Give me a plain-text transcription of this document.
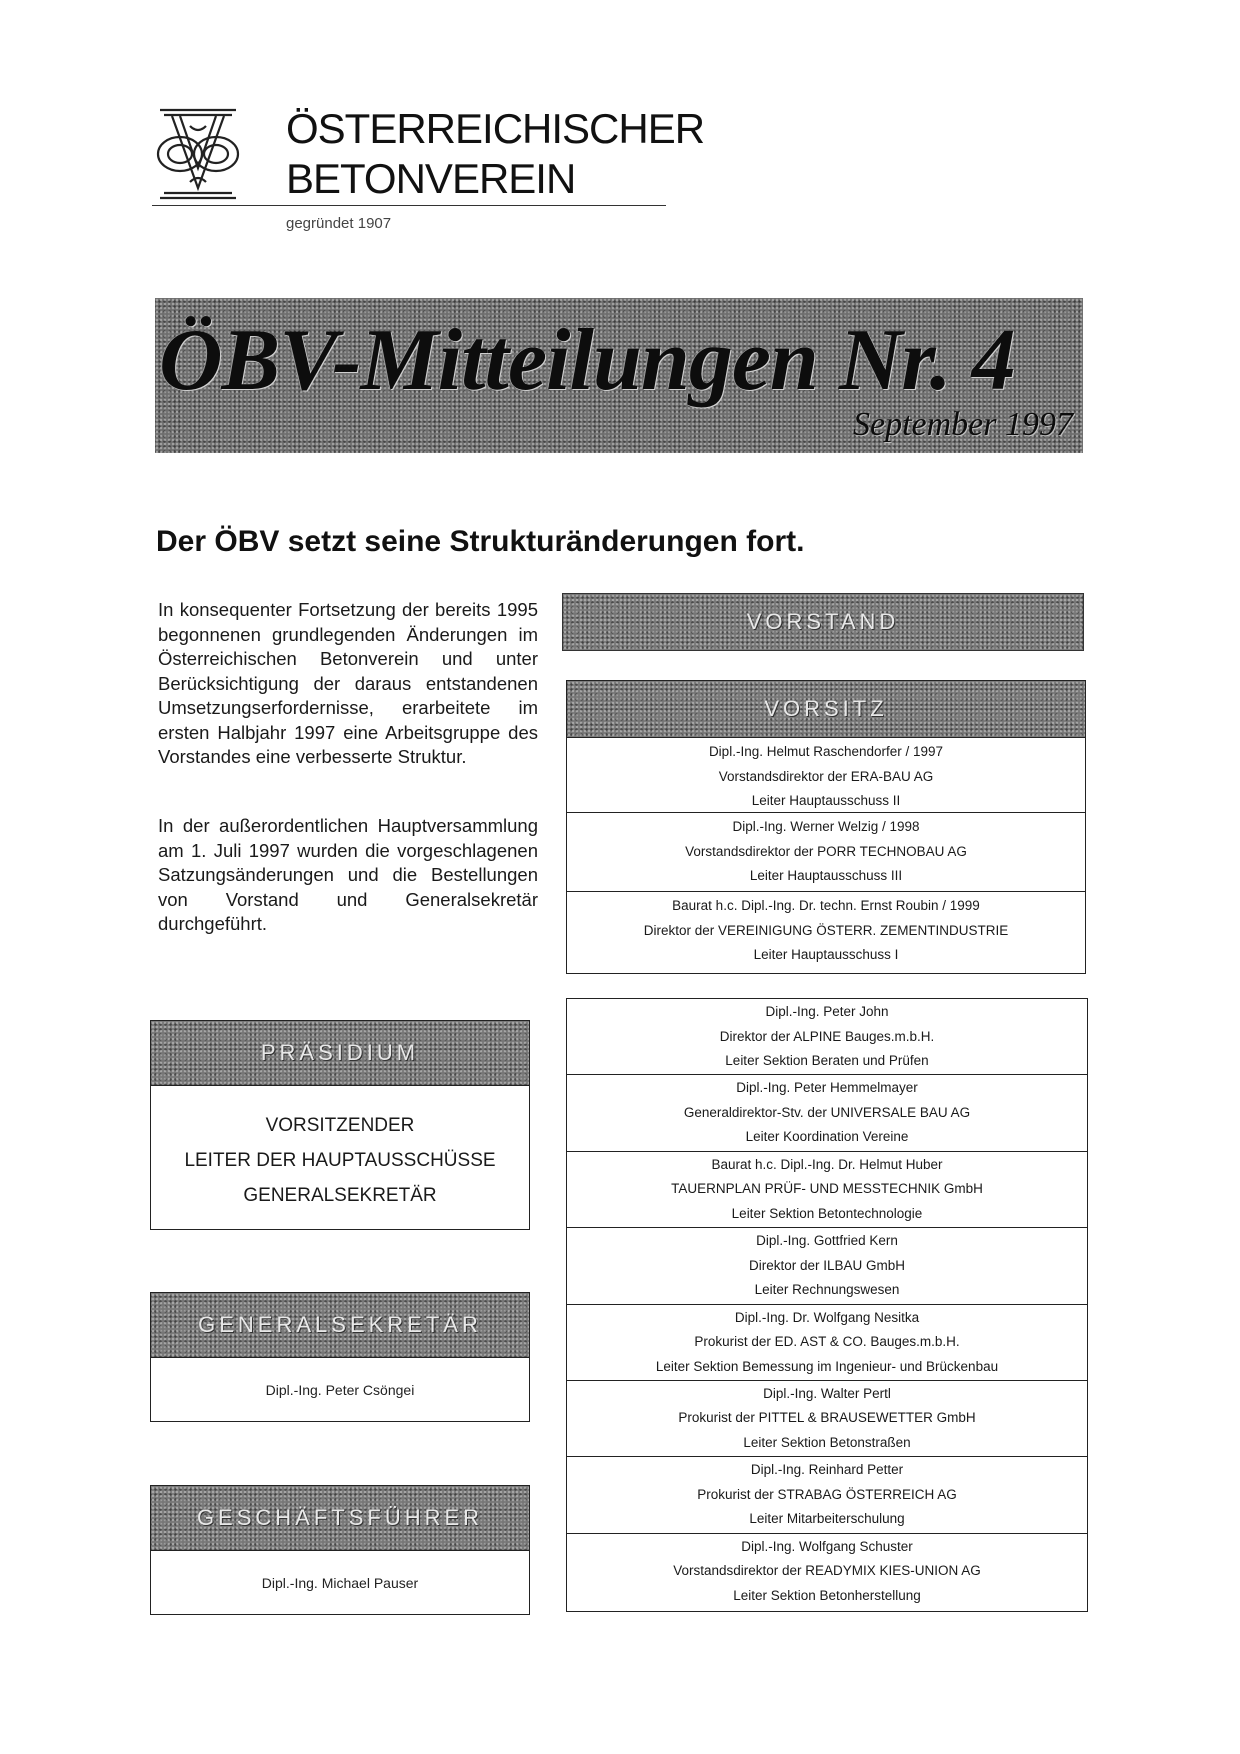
ÖSTERREICHISCHER
BETONVEREIN
gegründet 1907
ÖBV-Mitteilungen Nr. 4
September 1997
Der ÖBV setzt seine Strukturänderungen fort.
In konsequenter Fortsetzung der bereits 1995 begonnenen grundlegenden Änderungen im Österreichischen Betonverein und unter Berücksichtigung der daraus entstandenen Umsetzungserfordernisse, erarbeitete im ersten Halbjahr 1997 eine Arbeitsgruppe des Vorstandes eine verbesserte Struktur.
In der außerordentlichen Hauptversammlung am 1. Juli 1997 wurden die vorgeschlagenen Satzungsänderungen und die Bestellungen von Vorstand und Generalsekretär durchgeführt.
PRÄSIDIUM
VORSITZENDER
LEITER DER HAUPTAUSSCHÜSSE
GENERALSEKRETÄR
GENERALSEKRETÄR
Dipl.-Ing. Peter Csöngei
GESCHÄFTSFÜHRER
Dipl.-Ing. Michael Pauser
VORSTAND
VORSITZ
Dipl.-Ing. Helmut Raschendorfer / 1997
Vorstandsdirektor der ERA-BAU AG
Leiter Hauptausschuss II
Dipl.-Ing. Werner Welzig / 1998
Vorstandsdirektor der PORR TECHNOBAU AG
Leiter Hauptausschuss III
Baurat h.c. Dipl.-Ing. Dr. techn. Ernst Roubin / 1999
Direktor der VEREINIGUNG ÖSTERR. ZEMENTINDUSTRIE
Leiter Hauptausschuss I
Dipl.-Ing. Peter John
Direktor der ALPINE Bauges.m.b.H.
Leiter Sektion Beraten und Prüfen
Dipl.-Ing. Peter Hemmelmayer
Generaldirektor-Stv. der UNIVERSALE BAU AG
Leiter Koordination Vereine
Baurat h.c. Dipl.-Ing. Dr. Helmut Huber
TAUERNPLAN PRÜF- UND MESSTECHNIK GmbH
Leiter Sektion Betontechnologie
Dipl.-Ing. Gottfried Kern
Direktor der ILBAU GmbH
Leiter Rechnungswesen
Dipl.-Ing. Dr. Wolfgang Nesitka
Prokurist der ED. AST & CO. Bauges.m.b.H.
Leiter Sektion Bemessung im Ingenieur- und Brückenbau
Dipl.-Ing. Walter Pertl
Prokurist der PITTEL & BRAUSEWETTER GmbH
Leiter Sektion Betonstraßen
Dipl.-Ing. Reinhard Petter
Prokurist der STRABAG ÖSTERREICH AG
Leiter Mitarbeiterschulung
Dipl.-Ing. Wolfgang Schuster
Vorstandsdirektor der READYMIX KIES-UNION AG
Leiter Sektion Betonherstellung
